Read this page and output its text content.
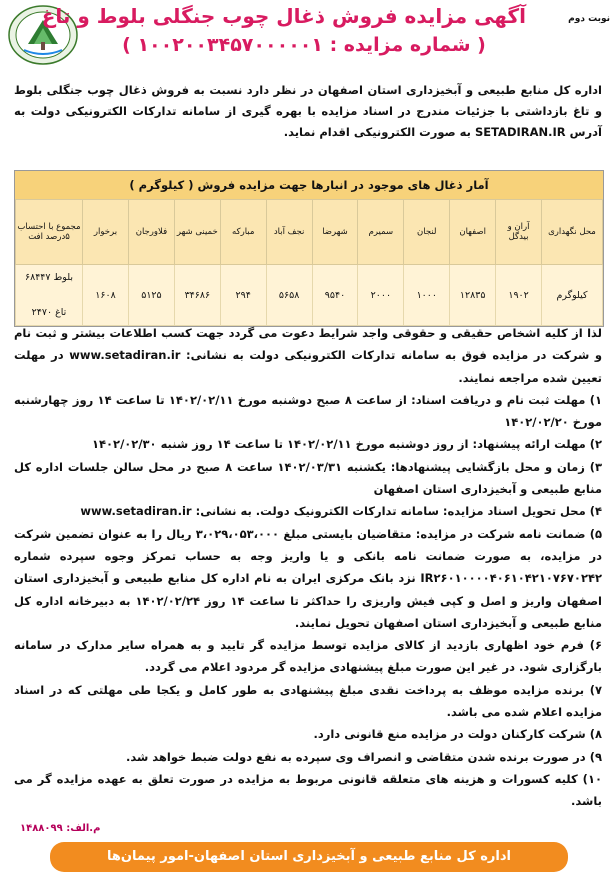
نوبت دوم
آگهی مزایده فروش ذغال چوب جنگلی بلوط و تاغ
( شماره مزایده : ۱۰۰۲۰۰۳۴۵۷۰۰۰۰۰۱ )
اداره کل منابع طبیعی و آبخیزداری استان اصفهان در نظر دارد نسبت به فروش ذغال چوب جنگلی بلوط و تاغ بازداشتی با جزئیات مندرج در اسناد مزایده با بهره گیری از سامانه تدارکات الکترونیکی دولت به آدرس SETADIRAN.IR به صورت الکترونیکی اقدام نماید.
آمار ذغال های موجود در انبارها جهت مزایده فروش ( کیلوگرم )
محل نگهداری	آران و بیدگل	اصفهان	لنجان	سمیرم	شهرضا	نجف آباد	مبارکه	خمینی شهر	فلاورجان	برخوار	مجموع با احتساب ۵درصد افت
کیلوگرم	۱۹۰۲	۱۲۸۳۵	۱۰۰۰	۲۰۰۰	۹۵۴۰	۵۶۵۸	۲۹۴	۳۴۶۸۶	۵۱۲۵	۱۶۰۸	بلوط ۶۸۴۴۷
تاغ ۲۴۷۰

لذا از کلیه اشخاص حقیقی و حقوقی واجد شرایط دعوت می گردد جهت کسب اطلاعات بیشتر و ثبت نام و شرکت در مزایده فوق به سامانه تدارکات الکترونیکی دولت به نشانی: www.setadiran.ir در مهلت تعیین شده مراجعه نمایند.

۱) مهلت ثبت نام و دریافت اسناد: از ساعت ۸ صبح دوشنبه مورخ ۱۴۰۲/۰۲/۱۱ تا ساعت ۱۴ روز چهارشنبه مورخ ۱۴۰۲/۰۲/۲۰

۲) مهلت ارائه پیشنهاد: از روز دوشنبه مورخ ۱۴۰۲/۰۲/۱۱ تا ساعت ۱۴ روز شنبه ۱۴۰۲/۰۲/۳۰

۳) زمان و محل بازگشایی پیشنهادها: یکشنبه ۱۴۰۲/۰۳/۳۱ ساعت ۸ صبح در محل سالن جلسات اداره کل منابع طبیعی و آبخیزداری استان اصفهان

۴) محل تحویل اسناد مزایده: سامانه تدارکات الکترونیک دولت. به نشانی: www.setadiran.ir

۵) ضمانت نامه شرکت در مزایده: متقاضیان بایستی مبلغ ۳،۰۲۹،۰۵۳،۰۰۰ ریال را به عنوان تضمین شرکت در مزایده، به صورت ضمانت نامه بانکی و یا واریز وجه به حساب تمرکز وجوه سپرده شماره IR۲۶۰۱۰۰۰۰۴۰۶۱۰۴۲۱۰۷۶۷۰۲۴۲ نزد بانک مرکزی ایران به نام اداره کل منابع طبیعی و آبخیزداری استان اصفهان واریز و اصل و کپی فیش واریزی را حداکثر تا ساعت ۱۴ روز ۱۴۰۲/۰۲/۲۴ به دبیرخانه اداره کل منابع طبیعی و آبخیزداری استان اصفهان تحویل نمایند.

۶) فرم خود اظهاری بازدید از کالای مزایده توسط مزایده گر تایید و به همراه سایر مدارک در سامانه بارگزاری شود. در غیر این صورت مبلغ پیشنهادی مزایده گر مردود اعلام می گردد.

۷) برنده مزایده موظف به پرداخت نقدی مبلغ پیشنهادی به طور کامل و یکجا طی مهلتی که در اسناد مزایده اعلام شده می باشد.

۸) شرکت کارکنان دولت در مزایده منع قانونی دارد.

۹) در صورت برنده شدن متقاضی و انصراف وی سپرده به نفع دولت ضبط خواهد شد.

۱۰) کلیه کسورات و هزینه های متعلقه قانونی مربوط به مزایده در صورت تعلق به عهده مزایده گر می باشد.

م.الف: ۱۴۸۸۰۹۹
اداره کل منابع طبیعی و آبخیزداری استان اصفهان-امور پیمان‌ها
